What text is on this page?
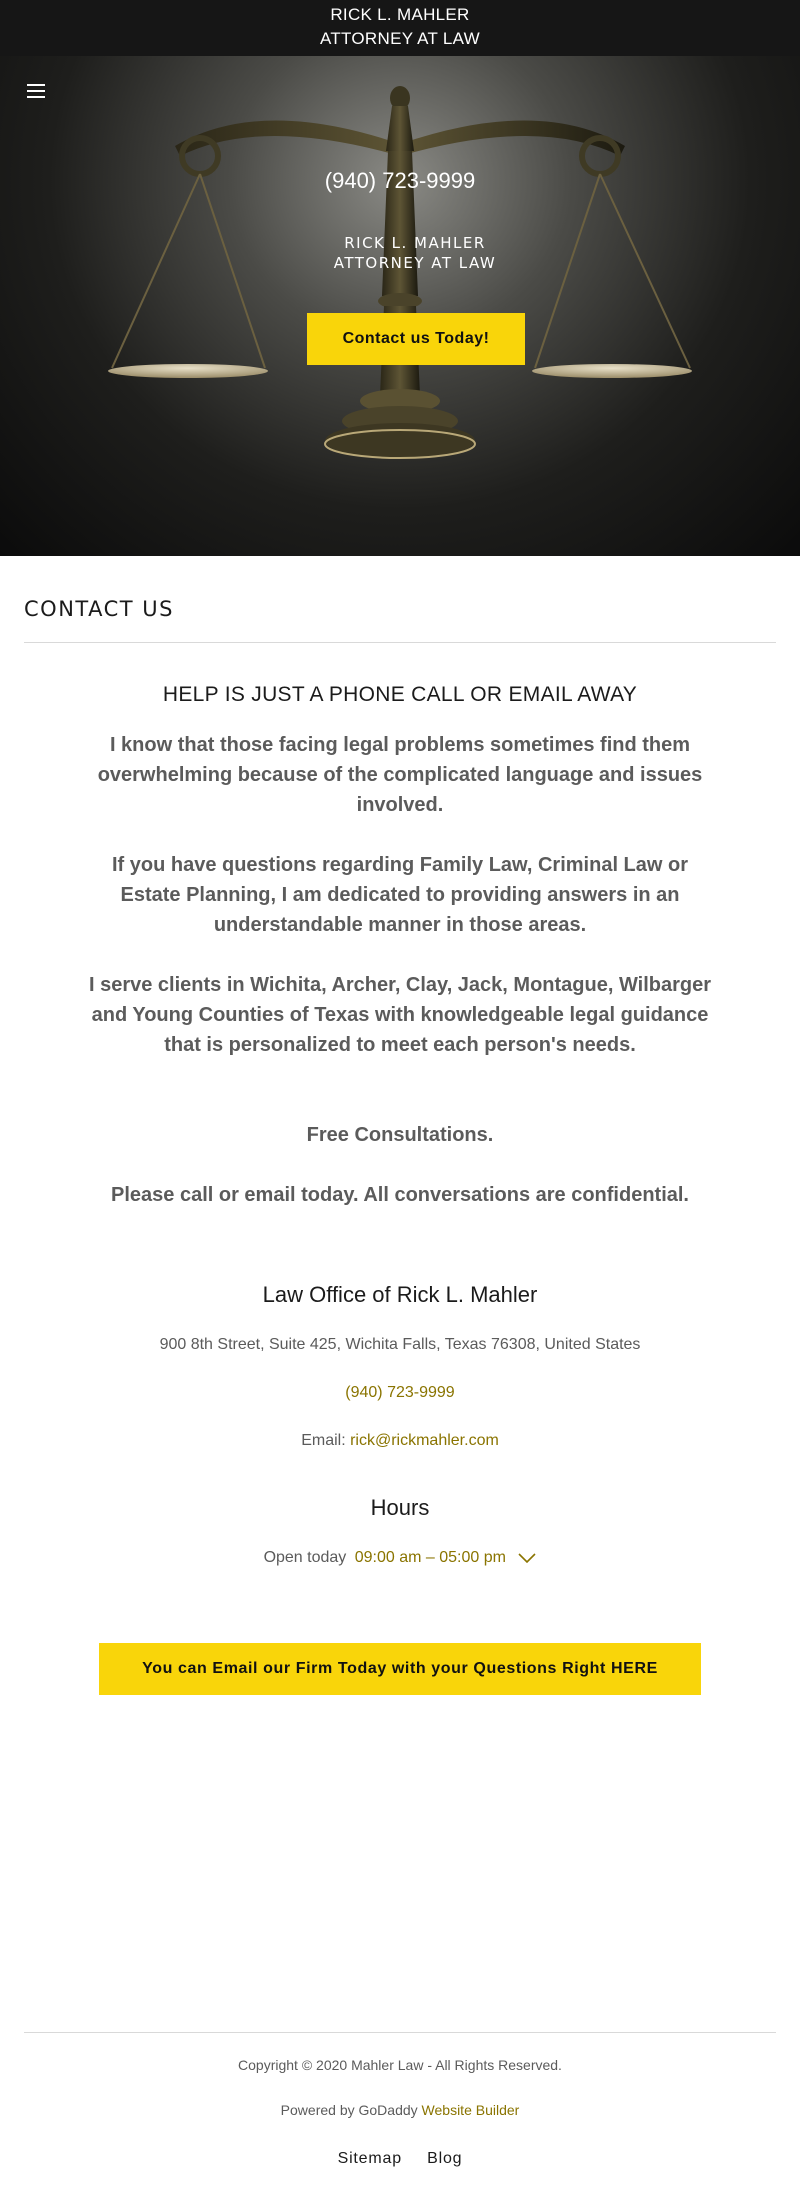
RICK L. MAHLER
ATTORNEY AT LAW
(940) 723-9999
RICK L. MAHLER
ATTORNEY AT LAW
Contact us Today!
CONTACT US
HELP IS JUST A PHONE CALL OR EMAIL AWAY
I know that those facing legal problems sometimes find them overwhelming because of the complicated language and issues involved.
If you have questions regarding Family Law, Criminal Law or Estate Planning, I am dedicated to providing answers in an understandable manner in those areas.
I serve clients in Wichita, Archer, Clay, Jack, Montague, Wilbarger and Young Counties of Texas with knowledgeable legal guidance that is personalized to meet each person's needs.
Free Consultations.
Please call or email today. All conversations are confidential.
Law Office of Rick L. Mahler
900 8th Street, Suite 425, Wichita Falls, Texas 76308, United States
(940) 723-9999
Email: rick@rickmahler.com
Hours
Open today 09:00 am – 05:00 pm
You can Email our Firm Today with your Questions Right HERE
Copyright © 2020 Mahler Law - All Rights Reserved.
Powered by GoDaddy Website Builder
Sitemap Blog
